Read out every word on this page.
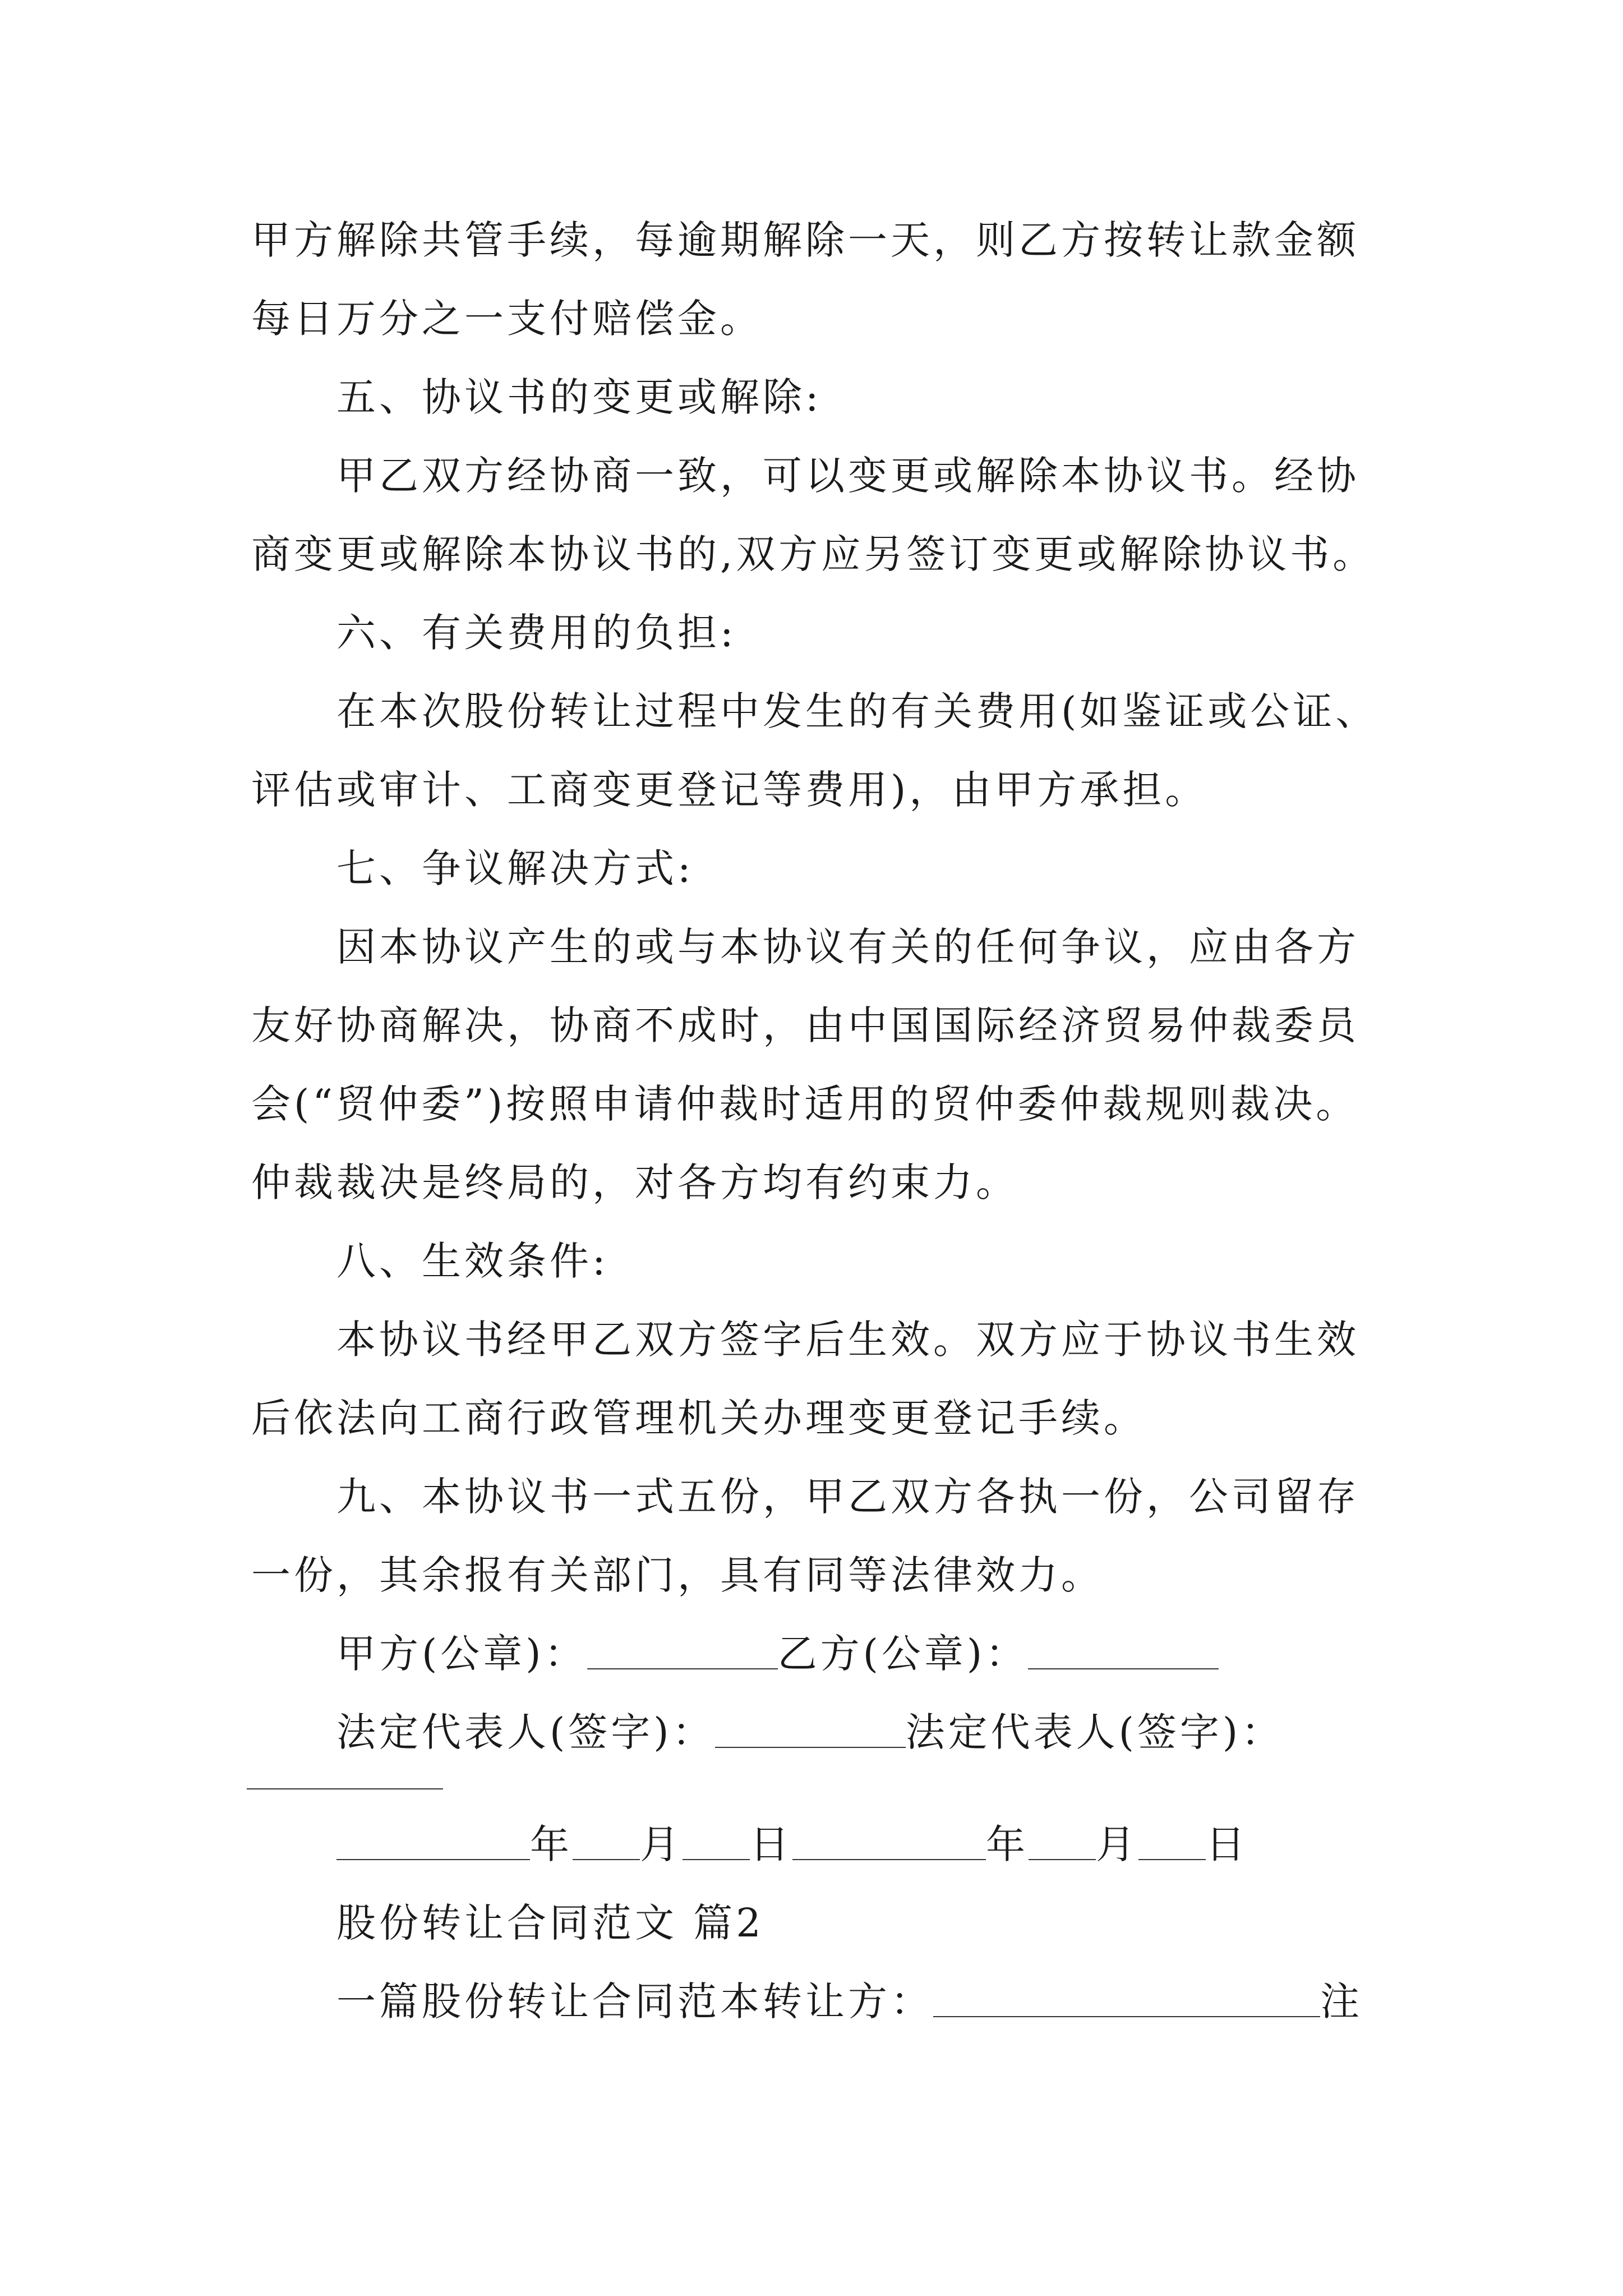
甲方解除共管手续，每逾期解除一天，则乙方按转让款金额
每日万分之一支付赔偿金。
五、协议书的变更或解除:
甲乙双方经协商一致，可以变更或解除本协议书。经协
商变更或解除本协议书的,双方应另签订变更或解除协议书。
六、有关费用的负担:
在本次股份转让过程中发生的有关费用(如鉴证或公证、
评估或审计、工商变更登记等费用)，由甲方承担。
七、争议解决方式:
因本协议产生的或与本协议有关的任何争议，应由各方
友好协商解决，协商不成时，由中国国际经济贸易仲裁委员
会(“贸仲委”)按照申请仲裁时适用的贸仲委仲裁规则裁决。
仲裁裁决是终局的，对各方均有约束力。
八、生效条件:
本协议书经甲乙双方签字后生效。双方应于协议书生效
后依法向工商行政管理机关办理变更登记手续。
九、本协议书一式五份，甲乙双方各执一份，公司留存
一份，其余报有关部门，具有同等法律效力。
甲方(公章)：	乙方(公章)：
法定代表人(签字)：	法定代表人(签字)：
年 月 日	年 月 日
股份转让合同范文 篇2
一篇股份转让合同范本转让方：	注
